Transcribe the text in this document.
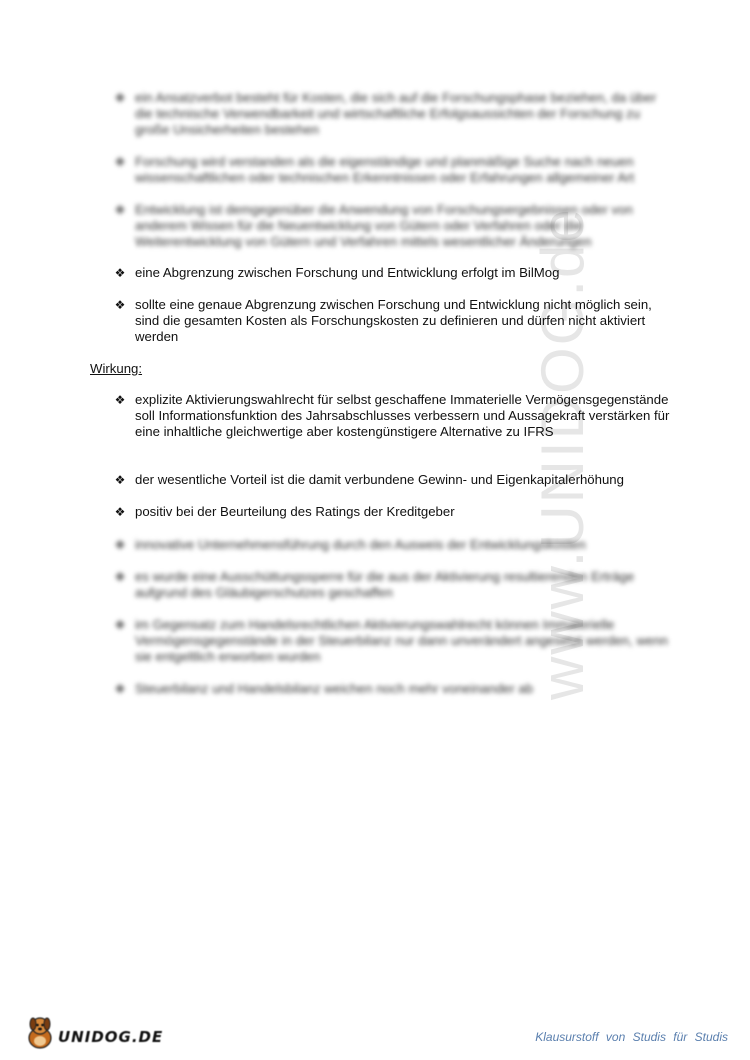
www.UNIDOG.de
❖ ein Ansatzverbot besteht für Kosten, die sich auf die Forschungsphase beziehen, da über die technische Verwendbarkeit und wirtschaftliche Erfolgsaussichten der Forschung zu große Unsicherheiten bestehen
❖ Forschung wird verstanden als die eigenständige und planmäßige Suche nach neuen wissenschaftlichen oder technischen Erkenntnissen oder Erfahrungen allgemeiner Art
❖ Entwicklung ist demgegenüber die Anwendung von Forschungsergebnissen oder von anderem Wissen für die Neuentwicklung von Gütern oder Verfahren oder die Weiterentwicklung von Gütern und Verfahren mittels wesentlicher Änderungen
❖ eine Abgrenzung zwischen Forschung und Entwicklung erfolgt im BilMog
❖ sollte eine genaue Abgrenzung zwischen Forschung und Entwicklung nicht möglich sein, sind die gesamten Kosten als Forschungskosten zu definieren und dürfen nicht aktiviert werden
Wirkung:
❖ explizite Aktivierungswahlrecht für selbst geschaffene Immaterielle Vermögensgegenstände soll Informationsfunktion des Jahrsabschlusses verbessern und Aussagekraft verstärken für eine inhaltliche gleichwertige aber kostengünstigere Alternative zu IFRS
❖ der wesentliche Vorteil ist die damit verbundene Gewinn- und Eigenkapitalerhöhung
❖ positiv bei der Beurteilung des Ratings der Kreditgeber
❖ innovative Unternehmensführung durch den Ausweis der Entwicklungskosten
❖ es wurde eine Ausschüttungssperre für die aus der Aktivierung resultierenden Erträge aufgrund des Gläubigerschutzes geschaffen
❖ im Gegensatz zum Handelsrechtlichen Aktivierungswahlrecht können Immaterielle Vermögensgegenstände in der Steuerbilanz nur dann unverändert angesetzt werden, wenn sie entgeltlich erworben wurden
❖ Steuerbilanz und Handelsbilanz weichen noch mehr voneinander ab
UNIDOG.DE	Klausurstoff von Studis für Studis
